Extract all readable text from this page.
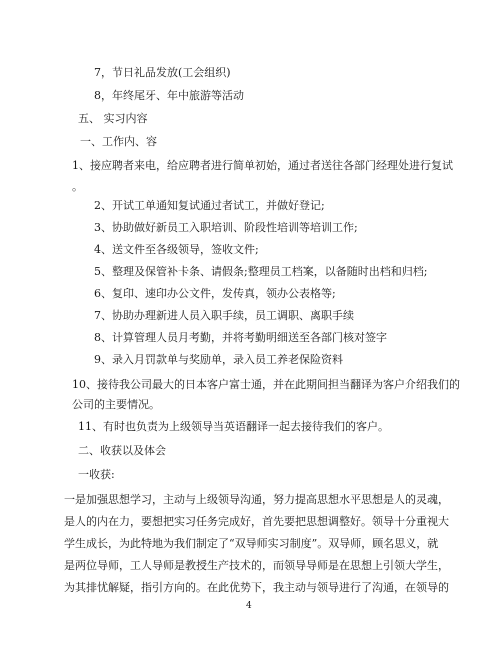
7，节日礼品发放(工会组织)

8，年终尾牙、年中旅游等活动

五、 实习内容

一、工作内、容

1、接应聘者来电，给应聘者进行简单初始，通过者送往各部门经理处进行复试

。

2、开试工单通知复试通过者试工，并做好登记;

3、协助做好新员工入职培训、阶段性培训等培训工作;

4、送文件至各级领导，签收文件;

5、整理及保管补卡条、请假条;整理员工档案，以备随时出档和归档;

6、复印、速印办公文件，发传真，领办公表格等;

7、协助办理新进人员入职手续，员工调职、离职手续

8、计算管理人员月考勤，并将考勤明细送至各部门核对签字

9、录入月罚款单与奖励单，录入员工养老保险资料

10、接待我公司最大的日本客户富士通，并在此期间担当翻译为客户介绍我们的

公司的主要情况。

11、有时也负责为上级领导当英语翻译一起去接待我们的客户。

二、收获以及体会

一收获:

一是加强思想学习，主动与上级领导沟通，努力提高思想水平思想是人的灵魂，

是人的内在力，要想把实习任务完成好，首先要把思想调整好。领导十分重视大

学生成长，为此特地为我们制定了“双导师实习制度”。双导师，顾名思义，就

是两位导师，工人导师是教授生产技术的，而领导导师是在思想上引领大学生，

为其排忧解疑，指引方向的。在此优势下，我主动与领导进行了沟通，在领导的

4
